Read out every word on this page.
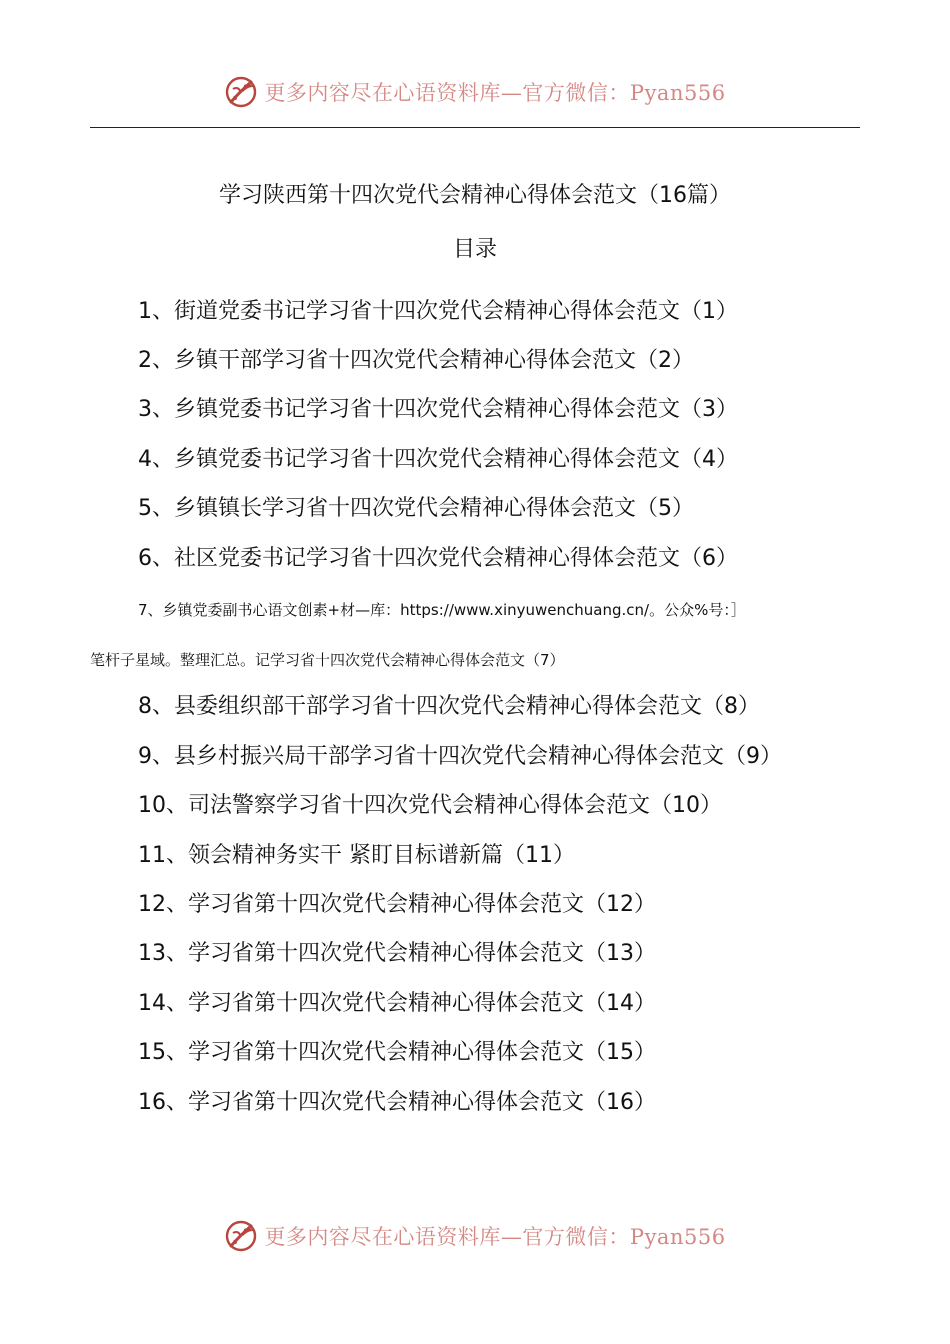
更多内容尽在心语资料库—官方微信：Pyan556
学习陕西第十四次党代会精神心得体会范文（16篇）
目录
1、街道党委书记学习省十四次党代会精神心得体会范文（1）
2、乡镇干部学习省十四次党代会精神心得体会范文（2）
3、乡镇党委书记学习省十四次党代会精神心得体会范文（3）
4、乡镇党委书记学习省十四次党代会精神心得体会范文（4）
5、乡镇镇长学习省十四次党代会精神心得体会范文（5）
6、社区党委书记学习省十四次党代会精神心得体会范文（6）
7、乡镇党委副书心语文创素+材—库：https://www.xinyuwenchuang.cn/。公众%号：］
笔杆子星域。整理汇总。记学习省十四次党代会精神心得体会范文（7）
8、县委组织部干部学习省十四次党代会精神心得体会范文（8）
9、县乡村振兴局干部学习省十四次党代会精神心得体会范文（9）
10、司法警察学习省十四次党代会精神心得体会范文（10）
11、领会精神务实干 紧盯目标谱新篇（11）
12、学习省第十四次党代会精神心得体会范文（12）
13、学习省第十四次党代会精神心得体会范文（13）
14、学习省第十四次党代会精神心得体会范文（14）
15、学习省第十四次党代会精神心得体会范文（15）
16、学习省第十四次党代会精神心得体会范文（16）
更多内容尽在心语资料库—官方微信：Pyan556
